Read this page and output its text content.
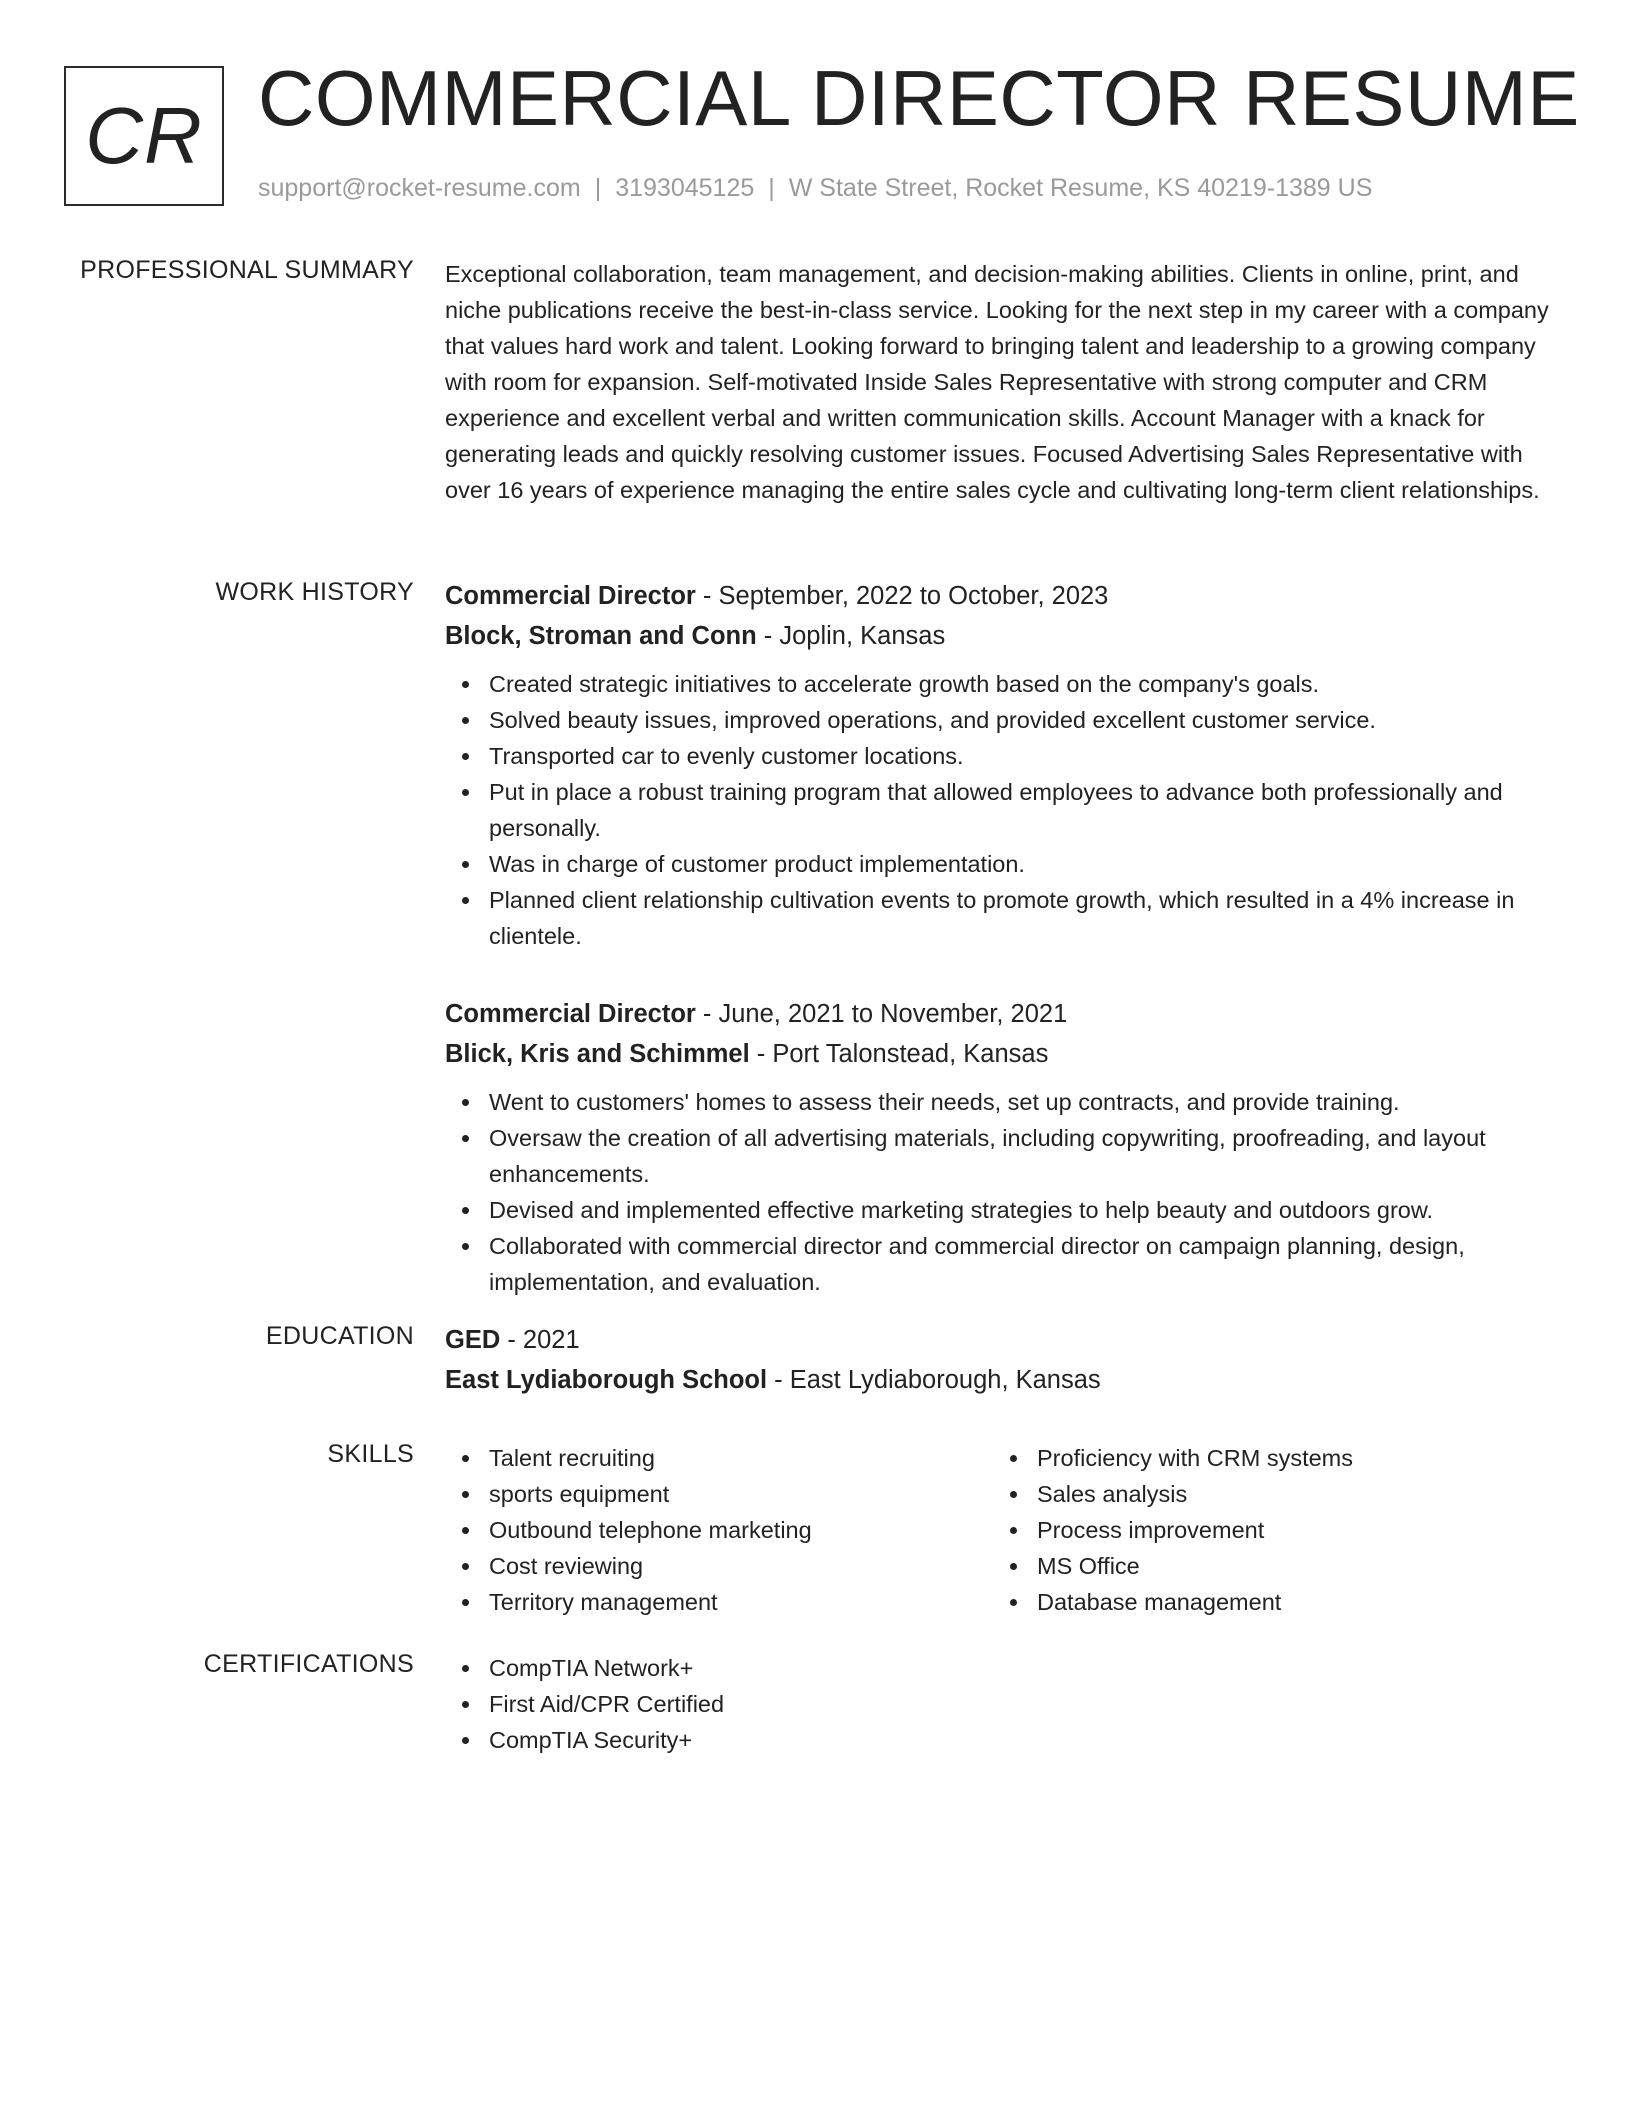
CR COMMERCIAL DIRECTOR RESUME
support@rocket-resume.com | 3193045125 | W State Street, Rocket Resume, KS 40219-1389 US
PROFESSIONAL SUMMARY Exceptional collaboration, team management, and decision-making abilities. Clients in online, print, and niche publications receive the best-in-class service. Looking for the next step in my career with a company that values hard work and talent. Looking forward to bringing talent and leadership to a growing company with room for expansion. Self-motivated Inside Sales Representative with strong computer and CRM experience and excellent verbal and written communication skills. Account Manager with a knack for generating leads and quickly resolving customer issues. Focused Advertising Sales Representative with over 16 years of experience managing the entire sales cycle and cultivating long-term client relationships.

WORK HISTORY Commercial Director - September, 2022 to October, 2023
Block, Stroman and Conn - Joplin, Kansas
Created strategic initiatives to accelerate growth based on the company's goals.
Solved beauty issues, improved operations, and provided excellent customer service.
Transported car to evenly customer locations.
Put in place a robust training program that allowed employees to advance both professionally and personally.
Was in charge of customer product implementation.
Planned client relationship cultivation events to promote growth, which resulted in a 4% increase in clientele.
Commercial Director - June, 2021 to November, 2021
Blick, Kris and Schimmel - Port Talonstead, Kansas
Went to customers' homes to assess their needs, set up contracts, and provide training.
Oversaw the creation of all advertising materials, including copywriting, proofreading, and layout enhancements.
Devised and implemented effective marketing strategies to help beauty and outdoors grow.
Collaborated with commercial director and commercial director on campaign planning, design, implementation, and evaluation.
EDUCATION GED - 2021
East Lydiaborough School - East Lydiaborough, Kansas
SKILLS	Talent recruiting
sports equipment
Outbound telephone marketing
Cost reviewing
Territory management
Proficiency with CRM systems
Sales analysis
Process improvement
MS Office
Database management
CERTIFICATIONS	CompTIA Network+
First Aid/CPR Certified
CompTIA Security+
